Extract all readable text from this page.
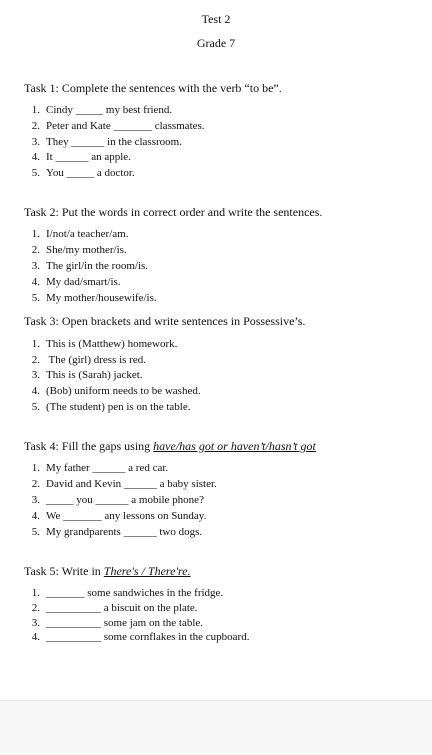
Test 2
Grade 7
Task 1: Complete the sentences with the verb “to be”.
1. Cindy _____ my best friend.
2. Peter and Kate _______ classmates.
3. They ______ in the classroom.
4. It ______ an apple.
5. You _____ a doctor.
Task 2: Put the words in correct order and write the sentences.
1. I/not/a teacher/am.
2. She/my mother/is.
3. The girl/in the room/is.
4. My dad/smart/is.
5. My mother/housewife/is.
Task 3: Open brackets and write sentences in Possessive’s.
1. This is (Matthew) homework.
2. The (girl) dress is red.
3. This is (Sarah) jacket.
4. (Bob) uniform needs to be washed.
5. (The student) pen is on the table.
Task 4: Fill the gaps using have/has got or haven’t/hasn’t got
1. My father ______ a red car.
2. David and Kevin ______ a baby sister.
3. _____ you ______ a mobile phone?
4. We _______ any lessons on Sunday.
5. My grandparents ______ two dogs.
Task 5: Write in There's / There're.
1. _______ some sandwiches in the fridge.
2. __________ a biscuit on the plate.
3. __________ some jam on the table.
4. __________ some cornflakes in the cupboard.
